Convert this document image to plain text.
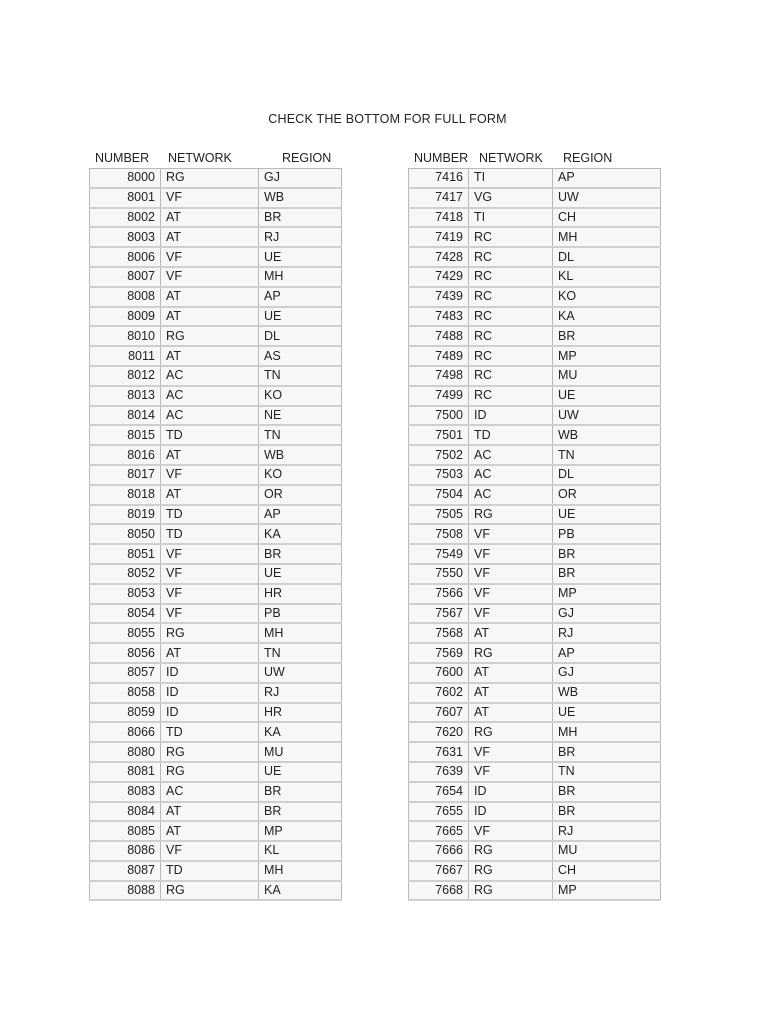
CHECK THE BOTTOM FOR FULL FORM
NUMBER NETWORK	REGION
8000	RG	GJ
8001	VF	WB
8002	AT	BR
8003	AT	RJ
8006	VF	UE
8007	VF	MH
8008	AT	AP
8009	AT	UE
8010	RG	DL
8011	AT	AS
8012	AC	TN
8013	AC	KO
8014	AC	NE
8015	TD	TN
8016	AT	WB
8017	VF	KO
8018	AT	OR
8019	TD	AP
8050	TD	KA
8051	VF	BR
8052	VF	UE
8053	VF	HR
8054	VF	PB
8055	RG	MH
8056	AT	TN
8057	ID	UW
8058	ID	RJ
8059	ID	HR
8066	TD	KA
8080	RG	MU
8081	RG	UE
8083	AC	BR
8084	AT	BR
8085	AT	MP
8086	VF	KL
8087	TD	MH
8088	RG	KA
NUMBER NETWORK REGION
7416	TI	AP
7417	VG	UW
7418	TI	CH
7419	RC	MH
7428	RC	DL
7429	RC	KL
7439	RC	KO
7483	RC	KA
7488	RC	BR
7489	RC	MP
7498	RC	MU
7499	RC	UE
7500	ID	UW
7501	TD	WB
7502	AC	TN
7503	AC	DL
7504	AC	OR
7505	RG	UE
7508	VF	PB
7549	VF	BR
7550	VF	BR
7566	VF	MP
7567	VF	GJ
7568	AT	RJ
7569	RG	AP
7600	AT	GJ
7602	AT	WB
7607	AT	UE
7620	RG	MH
7631	VF	BR
7639	VF	TN
7654	ID	BR
7655	ID	BR
7665	VF	RJ
7666	RG	MU
7667	RG	CH
7668	RG	MP
